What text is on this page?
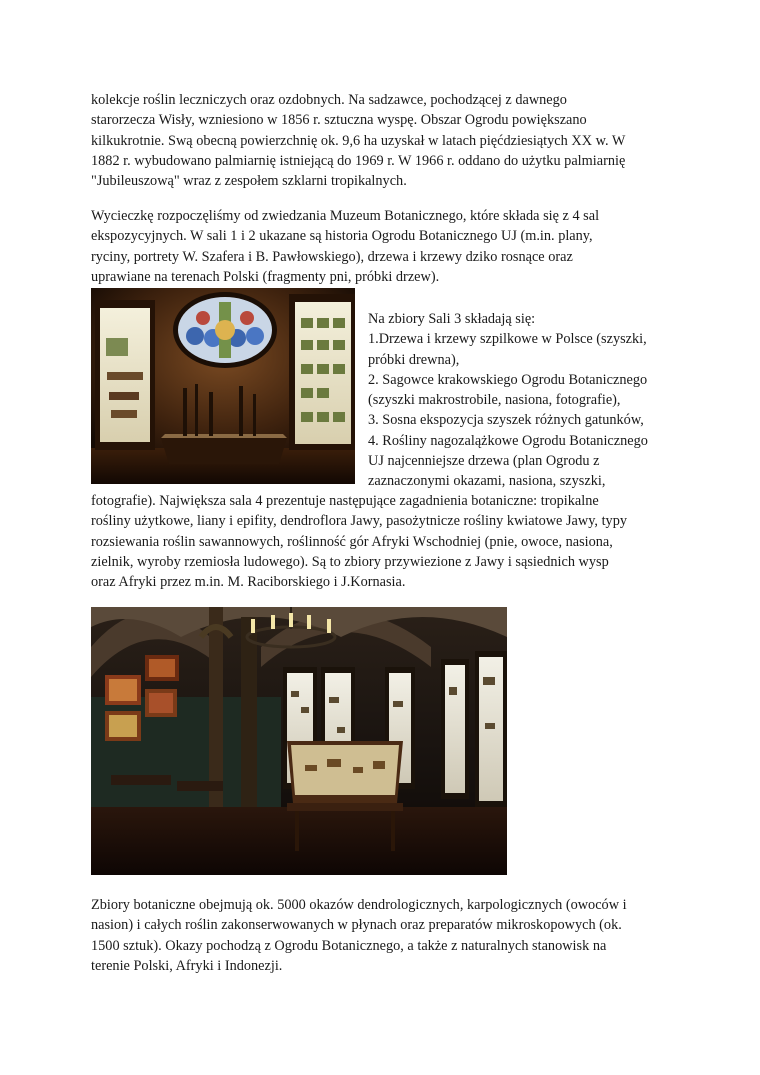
kolekcje roślin leczniczych oraz ozdobnych. Na sadzawce, pochodzącej z dawnego
starorzecza Wisły, wzniesiono w 1856 r. sztuczna wyspę. Obszar Ogrodu powiększano
kilkukrotnie. Swą obecną powierzchnię ok. 9,6 ha uzyskał w latach pięćdziesiątych XX w. W
1882 r. wybudowano palmiarnię istniejącą do 1969 r. W 1966 r. oddano do użytku palmiarnię
"Jubileuszową" wraz z zespołem szklarni tropikalnych.
Wycieczkę rozpoczęliśmy od zwiedzania Muzeum Botanicznego, które składa się z 4 sal
ekspozycyjnych. W sali 1 i 2 ukazane są historia Ogrodu Botanicznego UJ (m.in. plany,
ryciny, portrety W. Szafera i B. Pawłowskiego), drzewa i krzewy dziko rosnące oraz
uprawiane na terenach Polski (fragmenty pni, próbki drzew).
Na zbiory Sali 3 składają się:
1.Drzewa i krzewy szpilkowe w Polsce (szyszki,
próbki drewna),
2. Sagowce krakowskiego Ogrodu Botanicznego
(szyszki makrostrobile, nasiona, fotografie),
3. Sosna ekspozycja szyszek różnych gatunków,
4. Rośliny nagozalążkowe Ogrodu Botanicznego
UJ najcenniejsze drzewa (plan Ogrodu z
zaznaczonymi okazami, nasiona, szyszki,
fotografie). Największa sala 4 prezentuje następujące zagadnienia botaniczne: tropikalne
rośliny użytkowe, liany i epifity, dendroflora Jawy, pasożytnicze rośliny kwiatowe Jawy, typy
rozsiewania roślin sawannowych, roślinność gór Afryki Wschodniej (pnie, owoce, nasiona,
zielnik, wyroby rzemiosła ludowego). Są to zbiory przywiezione z Jawy i sąsiednich wysp
oraz Afryki przez m.in. M. Raciborskiego i J.Kornasia.
Zbiory botaniczne obejmują ok. 5000 okazów dendrologicznych, karpologicznych (owoców i
nasion) i całych roślin zakonserwowanych w płynach oraz preparatów mikroskopowych (ok.
1500 sztuk). Okazy pochodzą z Ogrodu Botanicznego, a także z naturalnych stanowisk na
terenie Polski, Afryki i Indonezji.
